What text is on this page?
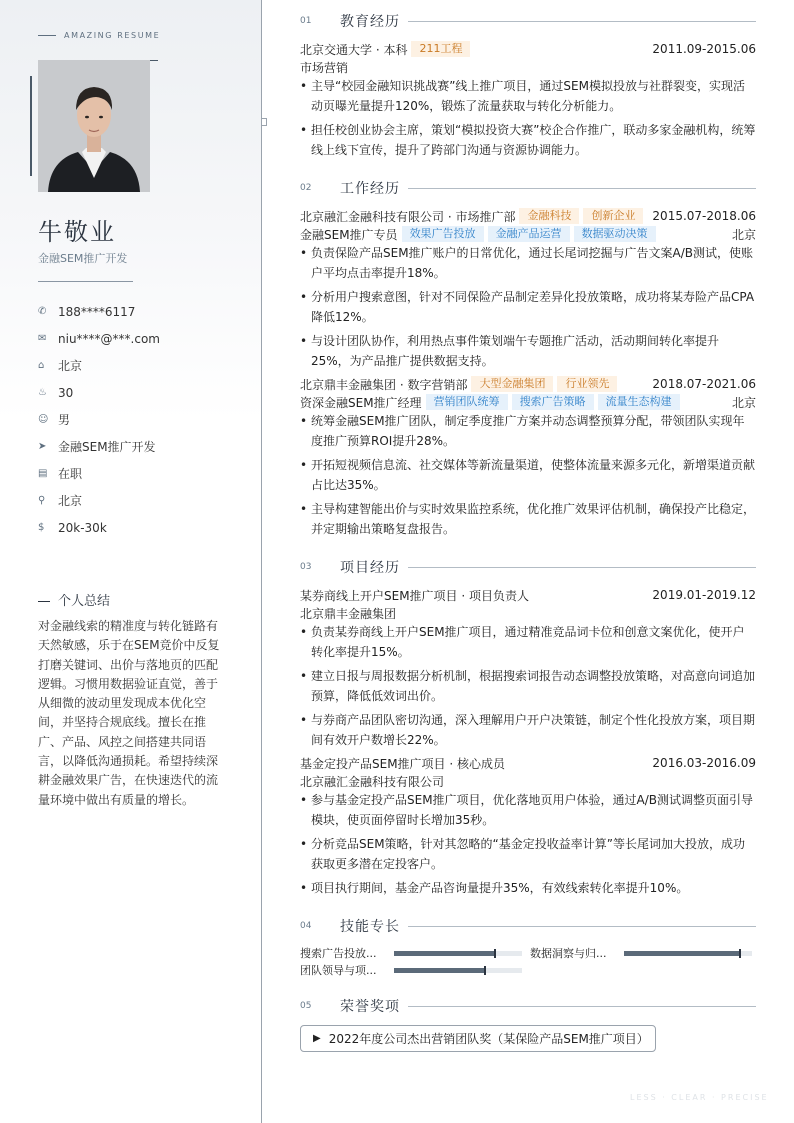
AMAZING RESUME
牛敬业
金融SEM推广开发
✆ 188****6117
✉ niu****@***.com
⌂	北京
♨ 30
☺ 男
➤ 金融SEM推广开发
▤ 在职
⚲	北京
$	20k-30k
个人总结
对金融线索的精准度与转化链路有天然敏感，乐于在SEM竞价中反复打磨关键词、出价与落地页的匹配逻辑。习惯用数据验证直觉，善于从细微的波动里发现成本优化空间，并坚持合规底线。擅长在推广、产品、风控之间搭建共同语言，以降低沟通损耗。希望持续深耕金融效果广告，在快速迭代的流量环境中做出有质量的增长。
01	教育经历
北京交通大学 · 本科	211工程	2011.09-2015.06
市场营销
• 主导“校园金融知识挑战赛”线上推广项目，通过SEM模拟投放与社群裂变，实现活动页曝光量提升120%，锻炼了流量获取与转化分析能力。
• 担任校创业协会主席，策划“模拟投资大赛”校企合作推广，联动多家金融机构，统筹线上线下宣传，提升了跨部门沟通与资源协调能力。
02	工作经历
北京融汇金融科技有限公司 · 市场推广部	金融科技	创新企业	2015.07-2018.06
金融SEM推广专员	效果广告投放	金融产品运营	数据驱动决策	北京
• 负责保险产品SEM推广账户的日常优化，通过长尾词挖掘与广告文案A/B测试，使账户平均点击率提升18%。
• 分析用户搜索意图，针对不同保险产品制定差异化投放策略，成功将某寿险产品CPA降低12%。
• 与设计团队协作，利用热点事件策划端午专题推广活动，活动期间转化率提升25%，为产品推广提供数据支持。
北京鼎丰金融集团 · 数字营销部	大型金融集团	行业领先	2018.07-2021.06
资深金融SEM推广经理	营销团队统筹	搜索广告策略	流量生态构建	北京
• 统筹金融SEM推广团队，制定季度推广方案并动态调整预算分配，带领团队实现年度推广预算ROI提升28%。
• 开拓短视频信息流、社交媒体等新流量渠道，使整体流量来源多元化，新增渠道贡献占比达35%。
• 主导构建智能出价与实时效果监控系统，优化推广效果评估机制，确保投产比稳定，并定期输出策略复盘报告。
03	项目经历
某券商线上开户SEM推广项目 · 项目负责人	2019.01-2019.12
北京鼎丰金融集团
• 负责某券商线上开户SEM推广项目，通过精准竞品词卡位和创意文案优化，使开户转化率提升15%。
• 建立日报与周报数据分析机制，根据搜索词报告动态调整投放策略，对高意向词追加预算，降低低效词出价。
• 与券商产品团队密切沟通，深入理解用户开户决策链，制定个性化投放方案，项目期间有效开户数增长22%。
基金定投产品SEM推广项目 · 核心成员	2016.03-2016.09
北京融汇金融科技有限公司
• 参与基金定投产品SEM推广项目，优化落地页用户体验，通过A/B测试调整页面引导模块，使页面停留时长增加35秒。
• 分析竞品SEM策略，针对其忽略的“基金定投收益率计算”等长尾词加大投放，成功获取更多潜在定投客户。
• 项目执行期间，基金产品咨询量提升35%，有效线索转化率提升10%。
04	技能专长
搜索广告投放...	数据洞察与归...
团队领导与项...
05	荣誉奖项
▶ 2022年度公司杰出营销团队奖（某保险产品SEM推广项目）
LESS · CLEAR · PRECISE
